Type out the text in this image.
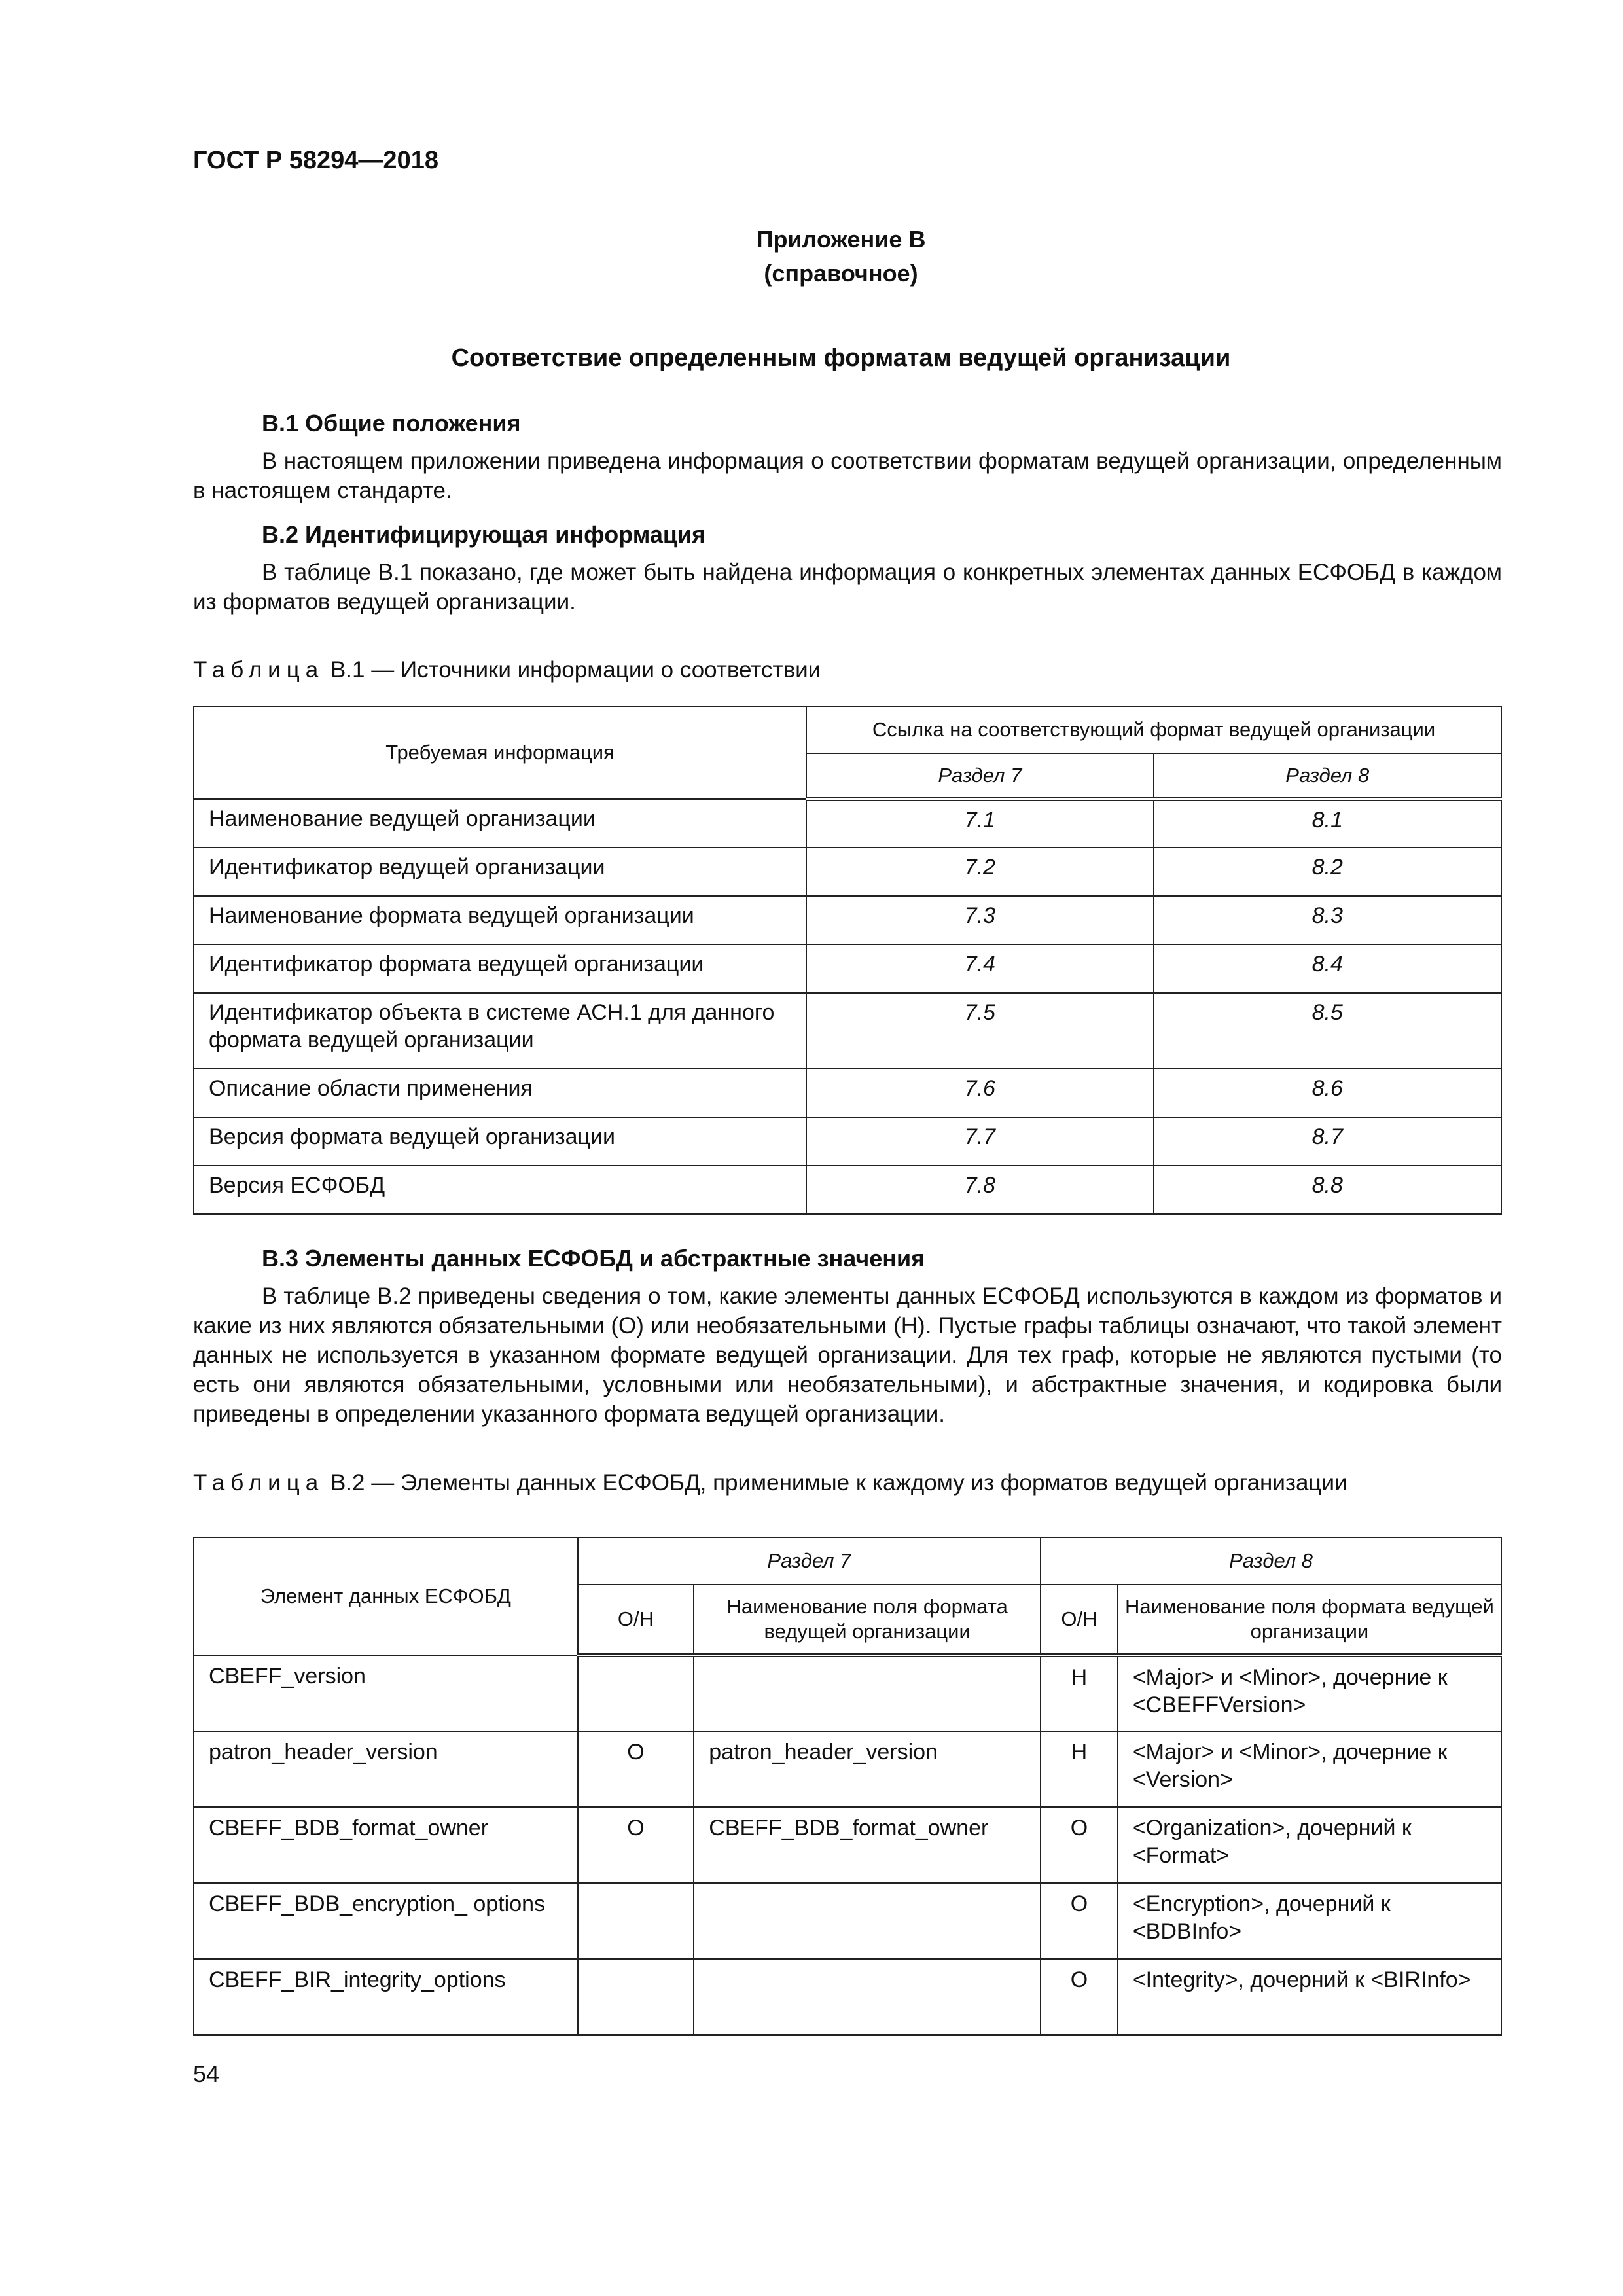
ГОСТ Р 58294—2018
Приложение В
(справочное)
Соответствие определенным форматам ведущей организации
В.1 Общие положения
В настоящем приложении приведена информация о соответствии форматам ведущей организации, определенным в настоящем стандарте.
В.2 Идентифицирующая информация
В таблице В.1 показано, где может быть найдена информация о конкретных элементах данных ЕСФОБД в каждом из форматов ведущей организации.
Таблица В.1 — Источники информации о соответствии
Требуемая информация	Ссылка на соответствующий формат ведущей организации	
	Раздел 7	Раздел 8
Наименование ведущей организации	7.1	8.1
Идентификатор ведущей организации	7.2	8.2
Наименование формата ведущей организации	7.3	8.3
Идентификатор формата ведущей организации	7.4	8.4
Идентификатор объекта в системе АСН.1 для данного формата ведущей организации	7.5	8.5
Описание области применения	7.6	8.6
Версия формата ведущей организации	7.7	8.7
Версия ЕСФОБД	7.8	8.8
В.3 Элементы данных ЕСФОБД и абстрактные значения
В таблице В.2 приведены сведения о том, какие элементы данных ЕСФОБД используются в каждом из форматов и какие из них являются обязательными (О) или необязательными (Н). Пустые графы таблицы означают, что такой элемент данных не используется в указанном формате ведущей организации. Для тех граф, которые не являются пустыми (то есть они являются обязательными, условными или необязательными), и абстрактные значения, и кодировка были приведены в определении указанного формата ведущей организации.
Таблица В.2 — Элементы данных ЕСФОБД, применимые к каждому из форматов ведущей организации
Элемент данных ЕСФОБД	Раздел 7		Раздел 8	
	О/Н	Наименование поля формата ведущей организации	О/Н	Наименование поля формата ведущей организации
CBEFF_version			Н	<Major> и <Minor>, дочерние к <CBEFFVersion>
patron_header_version	О	patron_header_version	Н	<Major> и <Minor>, дочерние к <Version>
CBEFF_BDB_format_owner	О	CBEFF_BDB_format_owner	О	<Organization>, дочерний к <Format>
CBEFF_BDB_encryption_ options			О	<Encryption>, дочерний к <BDBInfo>
CBEFF_BIR_integrity_options			О	<Integrity>, дочерний к <BIRInfo>
54
